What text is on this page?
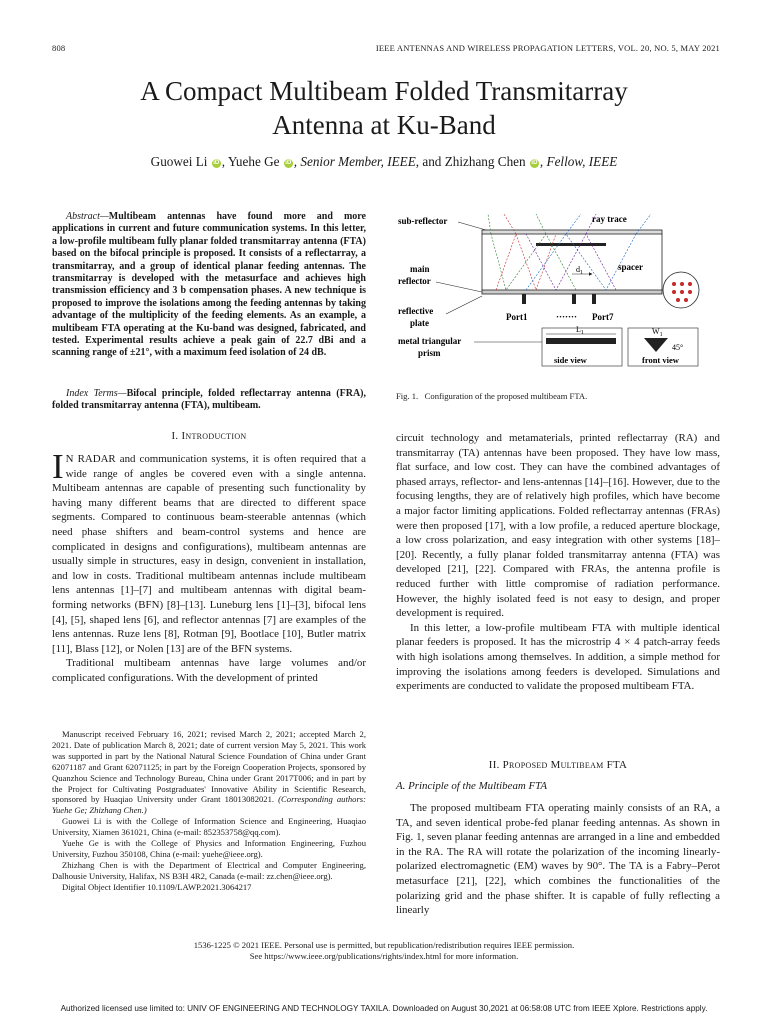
808	IEEE ANTENNAS AND WIRELESS PROPAGATION LETTERS, VOL. 20, NO. 5, MAY 2021
A Compact Multibeam Folded Transmitarray
Antenna at Ku-Band
Guowei Li iD , Yuehe Ge iD , Senior Member, IEEE, and Zhizhang Chen iD , Fellow, IEEE
Abstract—Multibeam antennas have found more and more applications in current and future communication systems. In this letter, a low-profile multibeam fully planar folded transmitarray antenna (FTA) based on the bifocal principle is proposed. It consists of a reflectarray, a transmitarray, and a group of identical planar feeding antennas. The transmitarray is developed with the metasurface and achieves high transmission efficiency and 3 b compensation phases. A new technique is proposed to improve the isolations among the feeding antennas by taking advantage of the multiplicity of the feeding elements. As an example, a multibeam FTA operating at the Ku-band was designed, fabricated, and tested. Experimental results achieve a peak gain of 22.7 dBi and a scanning range of ±21°, with a maximum feed isolation of 24 dB.
Index Terms—Bifocal principle, folded reflectarray antenna (FRA), folded transmitarray antenna (FTA), multibeam.
I. Introduction

I N RADAR and communication systems, it is often required that a wide range of angles be covered even with a single antenna. Multibeam antennas are capable of presenting such functionality by having many different beams that are directed to different space segments. Compared to continuous beam-steerable antennas (which need phase shifters and beam-control systems and hence are complicated in designs and configurations), multibeam antennas are usually simple in structures, easy in design, convenient in installation, and low in costs. Traditional multibeam antennas include multibeam lens antennas [1]–[7] and multibeam antennas with digital beam-forming networks (BFN) [8]–[13]. Luneburg lens [1]–[3], bifocal lens [4], [5], shaped lens [6], and reflector antennas [7] are examples of the lens antennas. Ruze lens [8], Rotman [9], Bootlace [10], Butler matrix [11], Blass [12], or Nolen [13] are of the BFN systems.

Traditional multibeam antennas have large volumes and/or complicated configurations. With the development of printed

Manuscript received February 16, 2021; revised March 2, 2021; accepted March 2, 2021. Date of publication March 8, 2021; date of current version May 5, 2021. This work was supported in part by the National Natural Science Foundation of China under Grant 62071187 and Grant 62071125; in part by the Foreign Cooperation Projects, sponsored by Quanzhou Science and Technology Bureau, China under Grant 2017T006; and in part by the Project for Cultivating Postgraduates' Innovative Ability in Scientific Research, sponsored by Huaqiao University under Grant 18013082021. (Corresponding authors: Yuehe Ge; Zhizhang Chen.)

Guowei Li is with the College of Information Science and Engineering, Huaqiao University, Xiamen 361021, China (e-mail: 852353758@qq.com).

Yuehe Ge is with the College of Physics and Information Engineering, Fuzhou University, Fuzhou 350108, China (e-mail: yuehe@ieee.org).

Zhizhang Chen is with the Department of Electrical and Computer Engineering, Dalhousie University, Halifax, NS B3H 4R2, Canada (e-mail: zz.chen@ieee.org).

Digital Object Identifier 10.1109/LAWP.2021.3064217

$d_1$
sub-reflector	ray trace
main
reflector
spacer
reflective
plate
Port1	······· Port7
$L_1$
side view
$W_1$
45°
front view
metal triangular
prism
Fig. 1. Configuration of the proposed multibeam FTA.

circuit technology and metamaterials, printed reflectarray (RA) and transmitarray (TA) antennas have been proposed. They have low mass, flat surface, and low cost. They can have the combined advantages of phased arrays, reflector- and lens-antennas [14]–[16]. However, due to the focusing lengths, they are of relatively high profiles, which have become a major factor limiting applications. Folded reflectarray antennas (FRAs) were then proposed [17], with a low profile, a reduced aperture blockage, a low cross polarization, and easy integration with other systems [18]–[20]. Recently, a fully planar folded transmitarray antenna (FTA) was developed [21], [22]. Compared with FRAs, the antenna profile is reduced further with little compromise of radiation performance. However, the highly isolated feed is not easy to design, and proper development is required.

In this letter, a low-profile multibeam FTA with multiple identical planar feeders is proposed. It has the microstrip 4 × 4 patch-array feeds with high isolations among themselves. In addition, a simple method for improving the isolations among feeders is developed. Simulations and experiments are conducted to validate the proposed multibeam FTA.

II. Proposed Multibeam FTA
A. Principle of the Multibeam FTA

The proposed multibeam FTA operating mainly consists of an RA, a TA, and seven identical probe-fed planar feeding antennas. As shown in Fig. 1, seven planar feeding antennas are arranged in a line and embedded in the RA. The RA will rotate the polarization of the incoming linearly-polarized electromagnetic (EM) waves by 90°. The TA is a Fabry–Perot metasurface [21], [22], which combines the functionalities of the polarizing grid and the phase shifter. It is capable of fully reflecting a linearly

1536-1225 © 2021 IEEE. Personal use is permitted, but republication/redistribution requires IEEE permission.
See https://www.ieee.org/publications/rights/index.html for more information.
Authorized licensed use limited to: UNIV OF ENGINEERING AND TECHNOLOGY TAXILA. Downloaded on August 30,2021 at 06:58:08 UTC from IEEE Xplore. Restrictions apply.
